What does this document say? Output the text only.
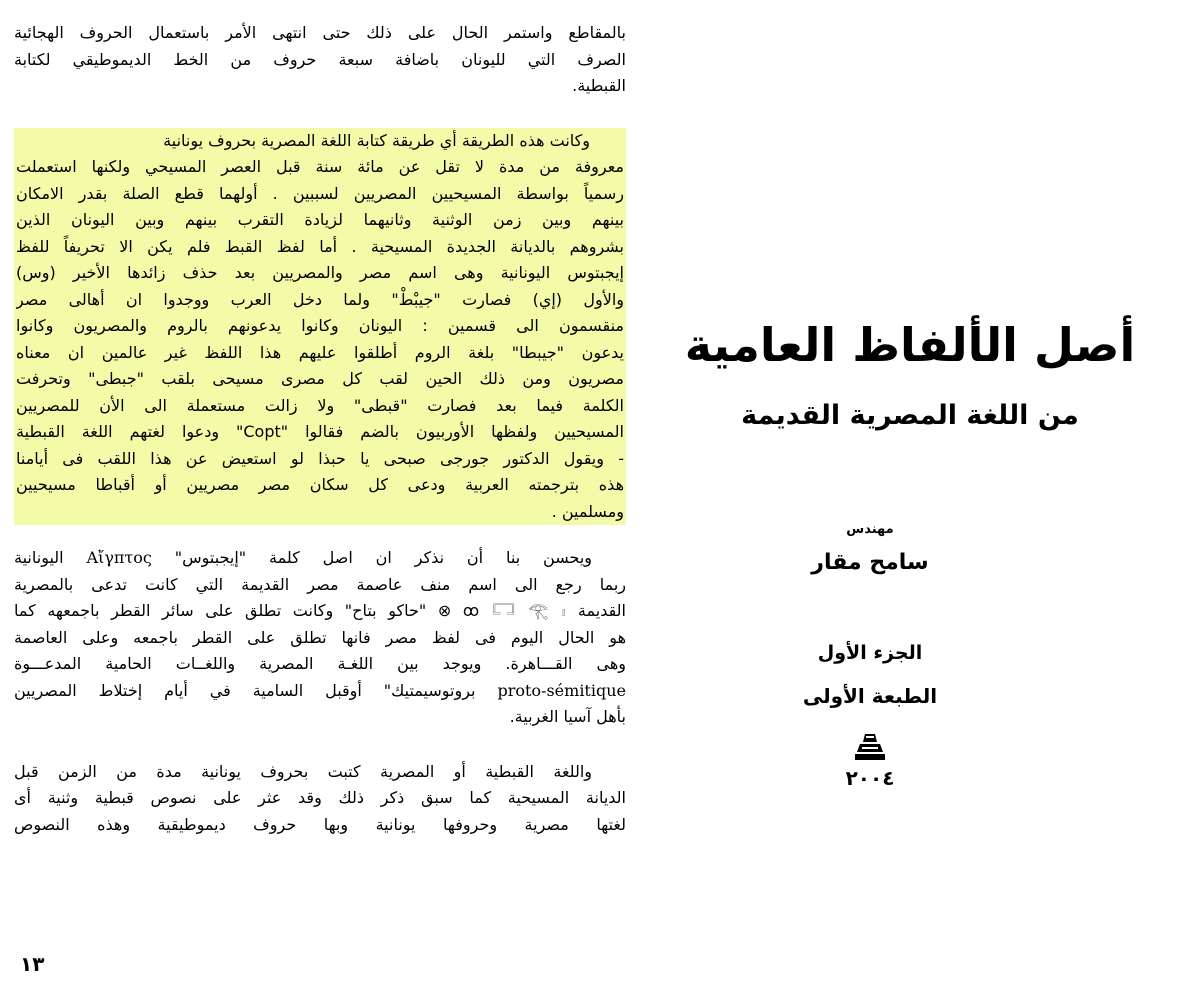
بالمقاطع واستمر الحال على ذلك حتى انتهى الأمر باستعمال الحروف الهجائية
الصرف التي لليونان باضافة سبعة حروف من الخط الديموطيقي لكتابة
القبطية.

وكانت هذه الطريقة أي طريقة كتابة اللغة المصرية بحروف يونانية
معروفة من مدة لا تقل عن مائة سنة قبل العصر المسيحي ولكنها استعملت
رسمياً بواسطة المسيحيين المصريين لسببين . أولهما قطع الصلة بقدر الامكان
بينهم وبين زمن الوثنية وثانيهما لزيادة التقرب بينهم وبين اليونان الذين
بشروهم بالديانة الجديدة المسيحية . أما لفظ القبط فلم يكن الا تحريفاً للفظ
إيجبتوس اليونانية وهى اسم مصر والمصريين بعد حذف زائدها الأخير (وس)
والأول (إي) فصارت "جيبْطْ" ولما دخل العرب ووجدوا ان أهالى مصر
منقسمون الى قسمين : اليونان وكانوا يدعونهم بالروم والمصريون وكانوا
يدعون "جيبطا" بلغة الروم أطلقوا عليهم هذا اللفظ غير عالمين ان معناه
مصريون ومن ذلك الحين لقب كل مصرى مسيحى بلقب "جبطى" وتحرفت
الكلمة فيما بعد فصارت "قبطى" ولا زالت مستعملة الى الأن للمصريين
المسيحيين ولفظها الأوربيون بالضم فقالوا "Copt" ودعوا لغتهم اللغة القبطية
- ويقول الدكتور جورجى صبحى يا حبذا لو استعيض عن هذا اللقب فى أيامنا
هذه بترجمته العربية ودعى كل سكان مصر مصريين أو أقباطا مسيحيين
ومسلمين .

ويحسن بنا أن نذكر ان اصل كلمة "إيجبتوس" Aἴγπτος اليونانية
ربما رجع الى اسم منف عاصمة مصر القديمة التي كانت تدعى بالمصرية
القديمة ⊗ ꝏ 𓉐 𓂀 𓏤 "حاكو بتاح" وكانت تطلق على سائر القطر باجمعهه كما
هو الحال اليوم فى لفظ مصر فانها تطلق على القطر باجمعه وعلى العاصمة
وهى القـــاهرة. ويوجد بين اللغـة المصرية واللغــات الحامية المدعـــوة
proto-sémitique بروتوسيمتيك" أوقبل السامية في أيام إختلاط المصريين
بأهل آسيا الغربية.

واللغة القبطية أو المصرية كتبت بحروف يونانية مدة من الزمن قبل
الديانة المسيحية كما سبق ذكر ذلك وقد عثر على نصوص قبطية وثنية أى
لغتها مصرية وحروفها يونانية وبها حروف ديموطيقية وهذه النصوص

١٣
أصل الألفاظ العامية
من اللغة المصرية القديمة
مهندس
سامح مقار
الجزء الأول
الطبعة الأولى
٢٠٠٤
